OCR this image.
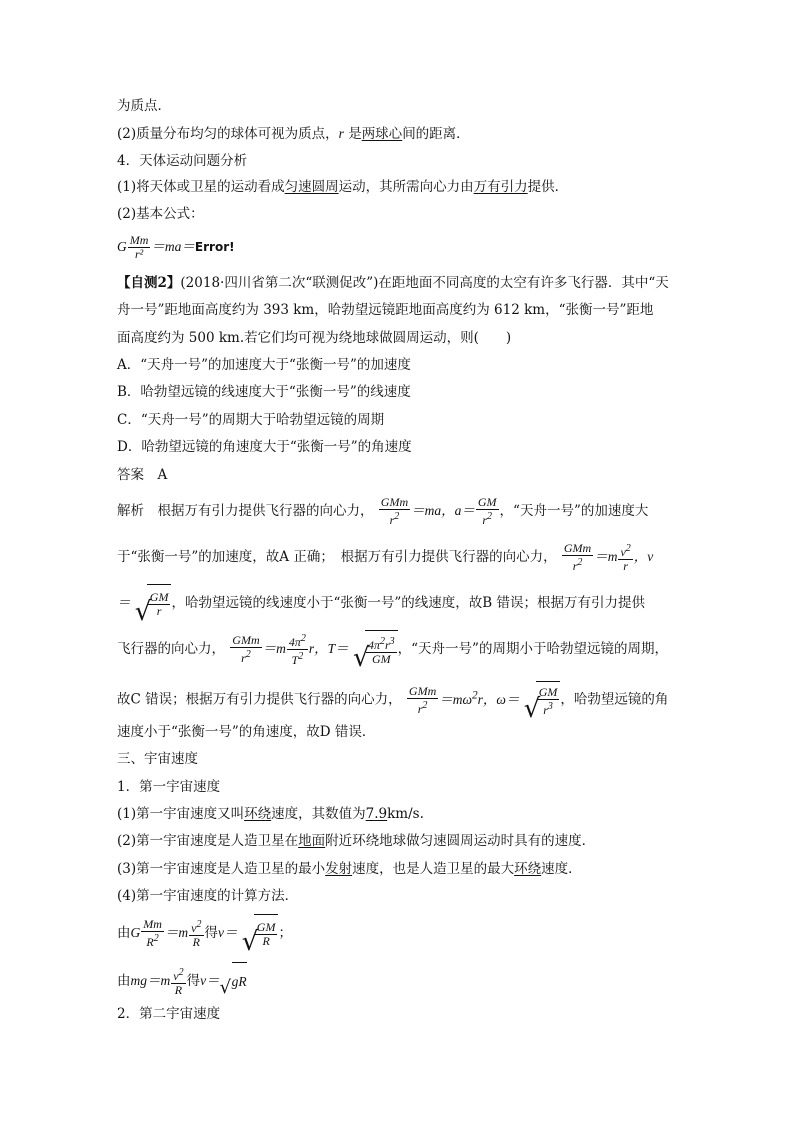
为质点．
(2)质量分布均匀的球体可视为质点，r 是两球心间的距离．
4．天体运动问题分析
(1)将天体或卫星的运动看成匀速圆周运动，其所需向心力由万有引力提供．
(2)基本公式：
G $\frac{Mm}{\text{r²}}$ ＝ma＝Error!
【自测2】(2018·四川省第二次“联测促改”)在距地面不同高度的太空有许多飞行器．其中“天
舟一号”距地面高度约为 393 km，哈勃望远镜距地面高度约为 612 km，“张衡一号”距地
面高度约为 500 km.若它们均可视为绕地球做圆周运动，则(　　)
A．“天舟一号”的加速度大于“张衡一号”的加速度
B．哈勃望远镜的线速度大于“张衡一号”的线速度
C．“天舟一号”的周期大于哈勃望远镜的周期
D．哈勃望远镜的角速度大于“张衡一号”的角速度
答案　A
解析　根据万有引力提供飞行器的向心力， $\frac{\text{GMm}}{r^2} =ma$，$a= \frac{GM}{r^2}$ ，“天舟一号”的加速度大
于“张衡一号”的加速度，故A 正确；　根据万有引力提供飞行器的向心力， $\frac{\text{GMm}}{r^2} =m \frac{v^2}{r}$ ，v
＝ √
$\frac{GM}{r}$ ，哈勃望远镜的线速度小于“张衡一号”的线速度，故B 错误；根据万有引力提供
飞行器的向心力， $\frac{\text{GMm}}{r^2} =m \frac{4\pi^2}{T^2}$ r，T＝ √
$\frac{4\pi^2r^3}{GM}$ ，“天舟一号”的周期小于哈勃望远镜的周期，
故C 错误；根据万有引力提供飞行器的向心力， $\frac{\text{GMm}}{r^2} =m\omega^2r$，ω＝ √
$\frac{GM}{r^3}$ ，哈勃望远镜的角
速度小于“张衡一号”的角速度，故D 错误．
三、宇宙速度
1．第一宇宙速度
(1)第一宇宙速度又叫环绕速度，其数值为7.9km/s.
(2)第一宇宙速度是人造卫星在地面附近环绕地球做匀速圆周运动时具有的速度．
(3)第一宇宙速度是人造卫星的最小发射速度，也是人造卫星的最大环绕速度．
(4)第一宇宙速度的计算方法．
由G $\frac{Mm}{R^2} =m \frac{v^2}{R}$ 得v＝ √
$\frac{GM}{R}$ ；
由$mg=m \frac{v^2}{R}$ 得v＝ √ gR
2．第二宇宙速度
